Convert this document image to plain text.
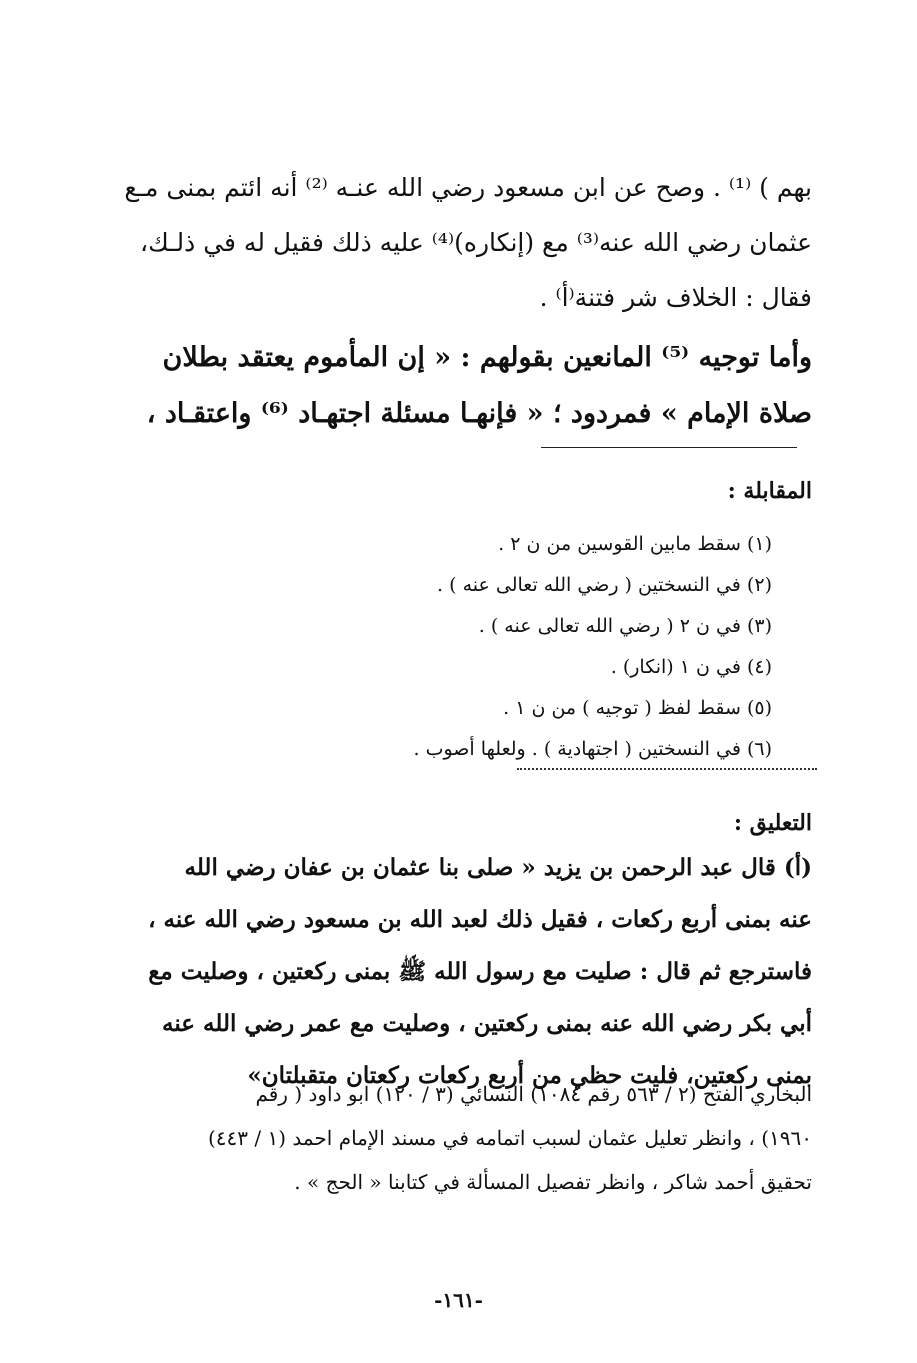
بهم ) ⁽¹⁾ . وصح عن ابن مسعود رضي الله عنـه ⁽²⁾ أنه ائتم بمنى مـع
عثمان رضي الله عنه⁽³⁾ مع (إنكاره)⁽⁴⁾ عليه ذلك فقيل له في ذلـك،
فقال : الخلاف شر فتنة⁽أ⁾ .
وأما توجيه ⁽⁵⁾ المانعين بقولهم : « إن المأموم يعتقد بطلان
صلاة الإمام » فمردود ؛ « فإنهـا مسئلة اجتهـاد ⁽⁶⁾ واعتقـاد ،
المقابلة :
(١) سقط مابين القوسين من ن ٢ .
(٢) في النسختين ( رضي الله تعالى عنه ) .
(٣) في ن ٢ ( رضي الله تعالى عنه ) .
(٤) في ن ١ (انكار) .
(٥) سقط لفظ ( توجيه ) من ن ١ .
(٦) في النسختين ( اجتهادية ) . ولعلها أصوب .
التعليق :
(أ) قال عبد الرحمن بن يزيد « صلى بنا عثمان بن عفان رضي الله
عنه بمنى أربع ركعات ، فقيل ذلك لعبد الله بن مسعود رضي الله عنه ،
فاسترجع ثم قال : صليت مع رسول الله ﷺ بمنى ركعتين ، وصليت مع
أبي بكر رضي الله عنه بمنى ركعتين ، وصليت مع عمر رضي الله عنه
بمنى ركعتين، فليت حظي من أربع ركعات ركعتان متقبلتان»
البخاري الفتح (٢ / ٥٦٣ رقم ١٠٨٤) النسائي (٣ / ١٢٠) ابو داود ( رقم
١٩٦٠) ، وانظر تعليل عثمان لسبب اتمامه في مسند الإمام احمد (١ / ٤٤٣)
تحقيق أحمد شاكر ، وانظر تفصيل المسألة في كتابنا « الحج » .
-١٦١-
